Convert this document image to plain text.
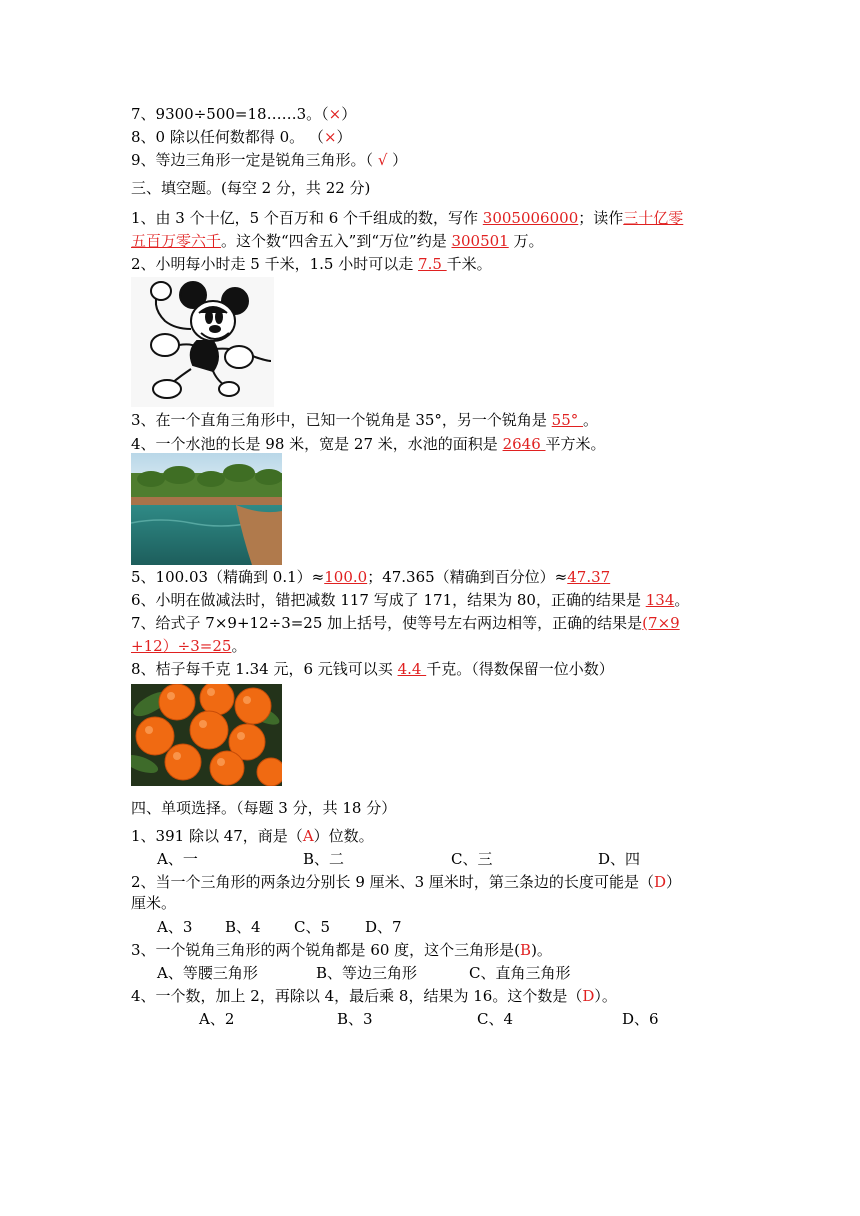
7、9300÷500=18……3。（×）
8、0 除以任何数都得 0。 （×）
9、等边三角形一定是锐角三角形。（ √ ）
三、填空题。(每空 2 分，共 22 分)
1、由 3 个十亿，5 个百万和 6 个千组成的数，写作 3005006000；读作三十亿零
五百万零六千。这个数“四舍五入”到“万位”约是 300501 万。
2、小明每小时走 5 千米，1.5 小时可以走 7.5 千米。
3、在一个直角三角形中，已知一个锐角是 35°，另一个锐角是 55° 。
4、一个水池的长是 98 米，宽是 27 米，水池的面积是 2646 平方米。
5、100.03（精确到 0.1）≈100.0；47.365（精确到百分位）≈47.37
6、小明在做减法时，错把减数 117 写成了 171，结果为 80，正确的结果是 134。
7、给式子 7×9+12÷3=25 加上括号，使等号左右两边相等，正确的结果是(7×9
+12）÷3=25。
8、桔子每千克 1.34 元，6 元钱可以买 4.4 千克。（得数保留一位小数）
四、单项选择。（每题 3 分，共 18 分）
1、391 除以 47，商是（A）位数。
A、一	B、二	C、三	D、四
2、当一个三角形的两条边分别长 9 厘米、3 厘米时，第三条边的长度可能是（D）
厘米。
A、3 B、4 C、5 D、7
3、一个锐角三角形的两个锐角都是 60 度，这个三角形是(B)。
A、等腰三角形	B、等边三角形	C、直角三角形
4、一个数，加上 2，再除以 4，最后乘 8，结果为 16。这个数是（D）。
A、2	B、3	C、4	D、6
